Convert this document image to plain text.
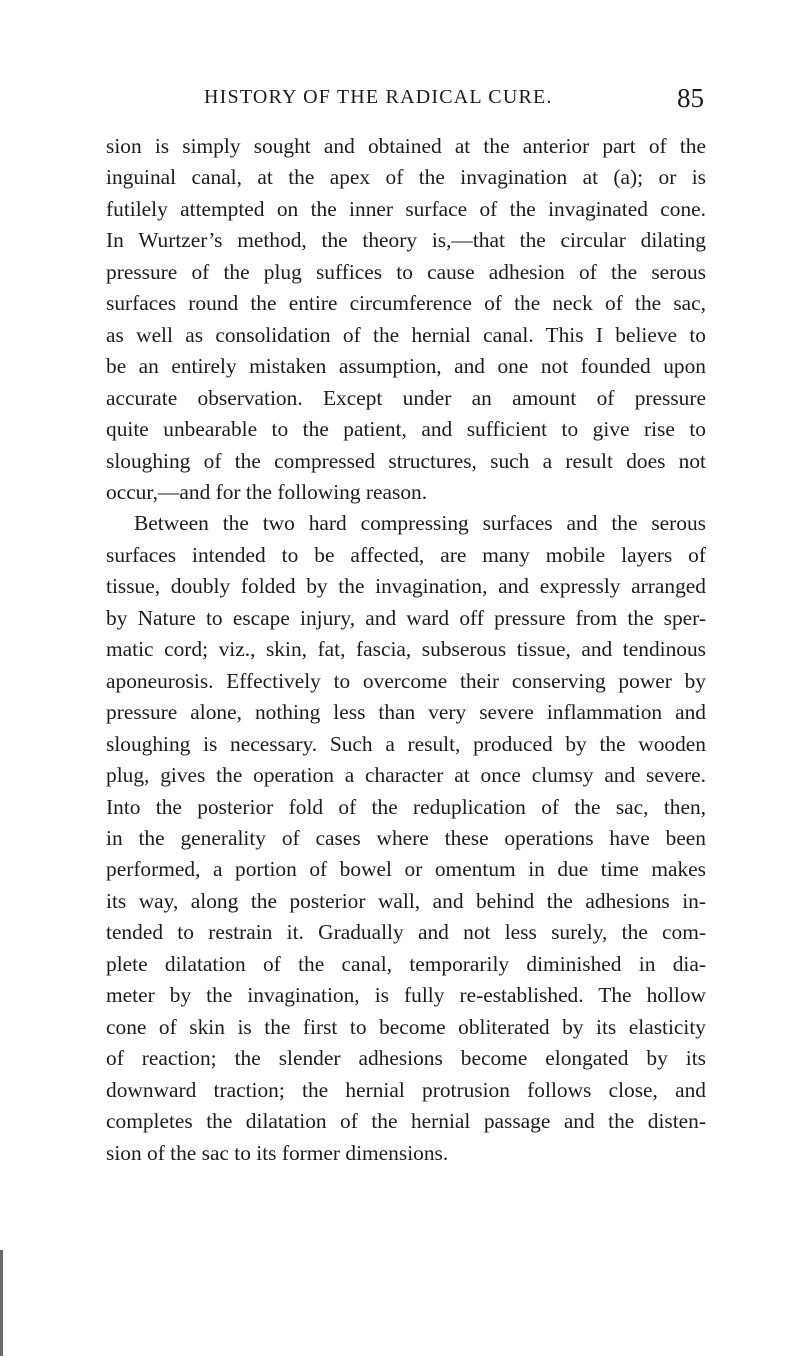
HISTORY OF THE RADICAL CURE.	85
sion is simply sought and obtained at the anterior part of the
inguinal canal, at the apex of the invagination at (a); or is
futilely attempted on the inner surface of the invaginated cone.
In Wurtzer’s method, the theory is,—that the circular dilating
pressure of the plug suffices to cause adhesion of the serous
surfaces round the entire circumference of the neck of the sac,
as well as consolidation of the hernial canal. This I believe to
be an entirely mistaken assumption, and one not founded upon
accurate observation. Except under an amount of pressure
quite unbearable to the patient, and sufficient to give rise to
sloughing of the compressed structures, such a result does not
occur,—and for the following reason.
Between the two hard compressing surfaces and the serous
surfaces intended to be affected, are many mobile layers of
tissue, doubly folded by the invagination, and expressly arranged
by Nature to escape injury, and ward off pressure from the sper-
matic cord; viz., skin, fat, fascia, subserous tissue, and tendinous
aponeurosis. Effectively to overcome their conserving power by
pressure alone, nothing less than very severe inflammation and
sloughing is necessary. Such a result, produced by the wooden
plug, gives the operation a character at once clumsy and severe.
Into the posterior fold of the reduplication of the sac, then,
in the generality of cases where these operations have been
performed, a portion of bowel or omentum in due time makes
its way, along the posterior wall, and behind the adhesions in-
tended to restrain it. Gradually and not less surely, the com-
plete dilatation of the canal, temporarily diminished in dia-
meter by the invagination, is fully re-established. The hollow
cone of skin is the first to become obliterated by its elasticity
of reaction; the slender adhesions become elongated by its
downward traction; the hernial protrusion follows close, and
completes the dilatation of the hernial passage and the disten-
sion of the sac to its former dimensions.
